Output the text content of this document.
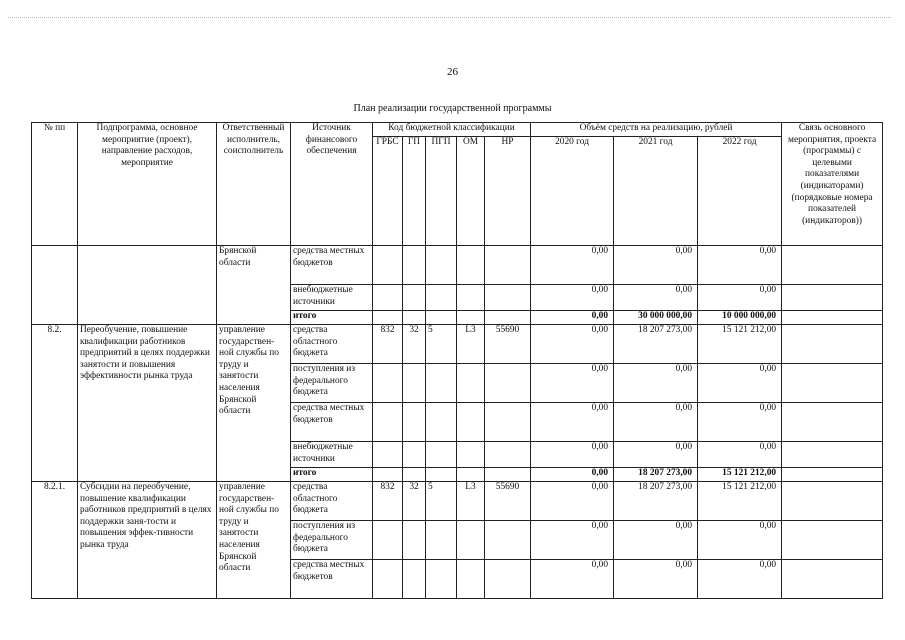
26
План реализации государственной программы
№ пп	Подпрограмма, основное мероприятие (проект), направление расходов, мероприятие	Ответственный исполнитель, соисполнитель	Источник финансового обеспечения	Код бюджетной классификации					Объём средств на реализацию, рублей			Связь основного мероприятия, проекта (программы) с целевыми показателями (индикаторами) (порядковые номера показателей (индикаторов))
				ГРБС	ГП	ПГП	ОМ	НР	2020 год	2021 год	2022 год	
		Брянской области	средства местных бюджетов						0,00	0,00	0,00	
			внебюджетные источники						0,00	0,00	0,00	
			итого						0,00	30 000 000,00	10 000 000,00	
8.2.	Переобучение, повышение квалификации работников предприятий в целях поддержки занятости и повышения эффективности рынка труда	управление государствен-ной службы по труду и занятости населения Брянской области	средства областного бюджета	832	32	5	L3	55690	0,00	18 207 273,00	15 121 212,00	
			поступления из федерального бюджета						0,00	0,00	0,00	
			средства местных бюджетов						0,00	0,00	0,00	
			внебюджетные источники						0,00	0,00	0,00	
			итого						0,00	18 207 273,00	15 121 212,00	
8.2.1.	Субсидии на переобучение, повышение квалификации работников предприятий в целях поддержки заня-тости и повышения эффек-тивности рынка труда	управление государствен-ной службы по труду и занятости населения Брянской области	средства областного бюджета	832	32	5	L3	55690	0,00	18 207 273,00	15 121 212,00	
			поступления из федерального бюджета						0,00	0,00	0,00	
			средства местных бюджетов						0,00	0,00	0,00	
